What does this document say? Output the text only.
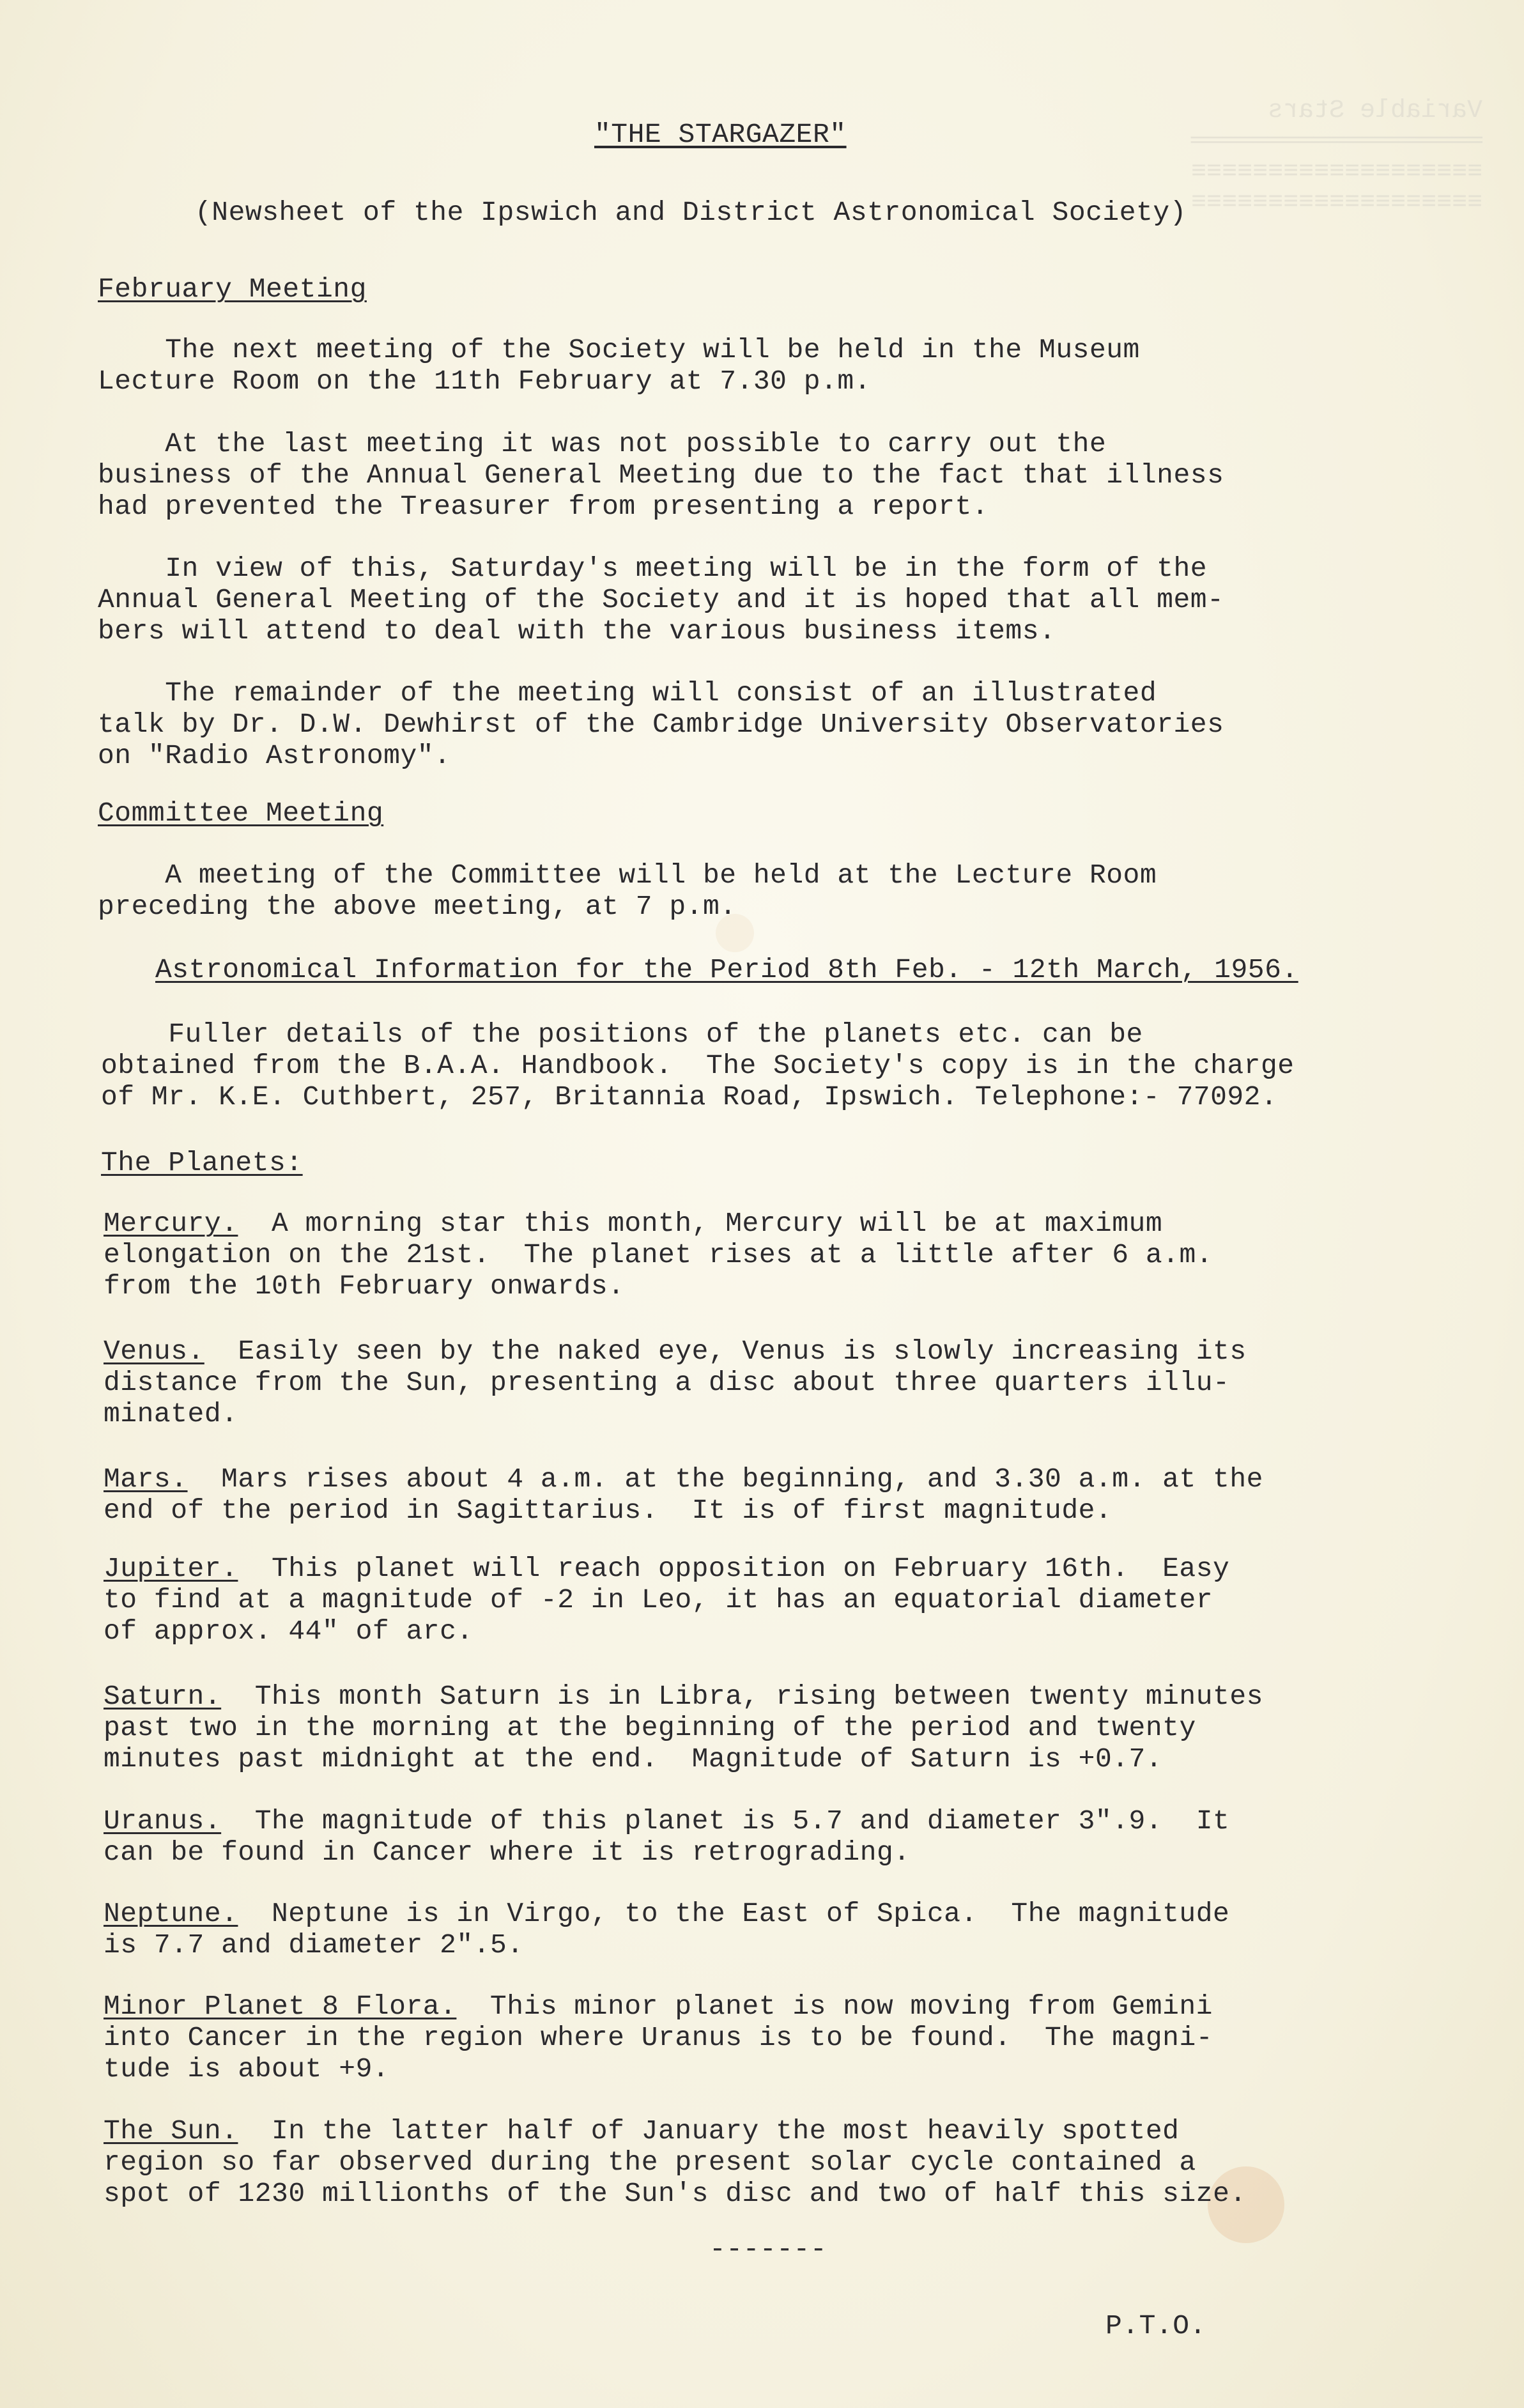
Variable Stars
═══════════════════
≡≡≡≡≡≡≡≡≡≡≡≡≡≡≡≡≡≡≡
≡≡≡≡≡≡≡≡≡≡≡≡≡≡≡≡≡≡≡
"THE STARGAZER"
(Newsheet of the Ipswich and District Astronomical Society)
February Meeting
The next meeting of the Society will be held in the Museum
Lecture Room on the 11th February at 7.30 p.m.
At the last meeting it was not possible to carry out the
business of the Annual General Meeting due to the fact that illness
had prevented the Treasurer from presenting a report.
In view of this, Saturday's meeting will be in the form of the
Annual General Meeting of the Society and it is hoped that all mem-
bers will attend to deal with the various business items.
The remainder of the meeting will consist of an illustrated
talk by Dr. D.W. Dewhirst of the Cambridge University Observatories
on "Radio Astronomy".
Committee Meeting
A meeting of the Committee will be held at the Lecture Room
preceding the above meeting, at 7 p.m.
Astronomical Information for the Period 8th Feb. - 12th March, 1956.
Fuller details of the positions of the planets etc. can be
obtained from the B.A.A. Handbook.  The Society's copy is in the charge
of Mr. K.E. Cuthbert, 257, Britannia Road, Ipswich. Telephone:- 77092.
The Planets:
Mercury. A morning star this month, Mercury will be at maximum
elongation on the 21st.  The planet rises at a little after 6 a.m.
from the 10th February onwards.
Venus. Easily seen by the naked eye, Venus is slowly increasing its
distance from the Sun, presenting a disc about three quarters illu-
minated.
Mars. Mars rises about 4 a.m. at the beginning, and 3.30 a.m. at the
end of the period in Sagittarius.  It is of first magnitude.
Jupiter. This planet will reach opposition on February 16th.  Easy
to find at a magnitude of -2 in Leo, it has an equatorial diameter
of approx. 44" of arc.
Saturn. This month Saturn is in Libra, rising between twenty minutes
past two in the morning at the beginning of the period and twenty
minutes past midnight at the end.  Magnitude of Saturn is +0.7.
Uranus. The magnitude of this planet is 5.7 and diameter 3".9.  It
can be found in Cancer where it is retrograding.
Neptune. Neptune is in Virgo, to the East of Spica.  The magnitude
is 7.7 and diameter 2".5.
Minor Planet 8 Flora. This minor planet is now moving from Gemini
into Cancer in the region where Uranus is to be found.  The magni-
tude is about +9.
The Sun. In the latter half of January the most heavily spotted
region so far observed during the present solar cycle contained a
spot of 1230 millionths of the Sun's disc and two of half this size.
-------
P.T.O.
